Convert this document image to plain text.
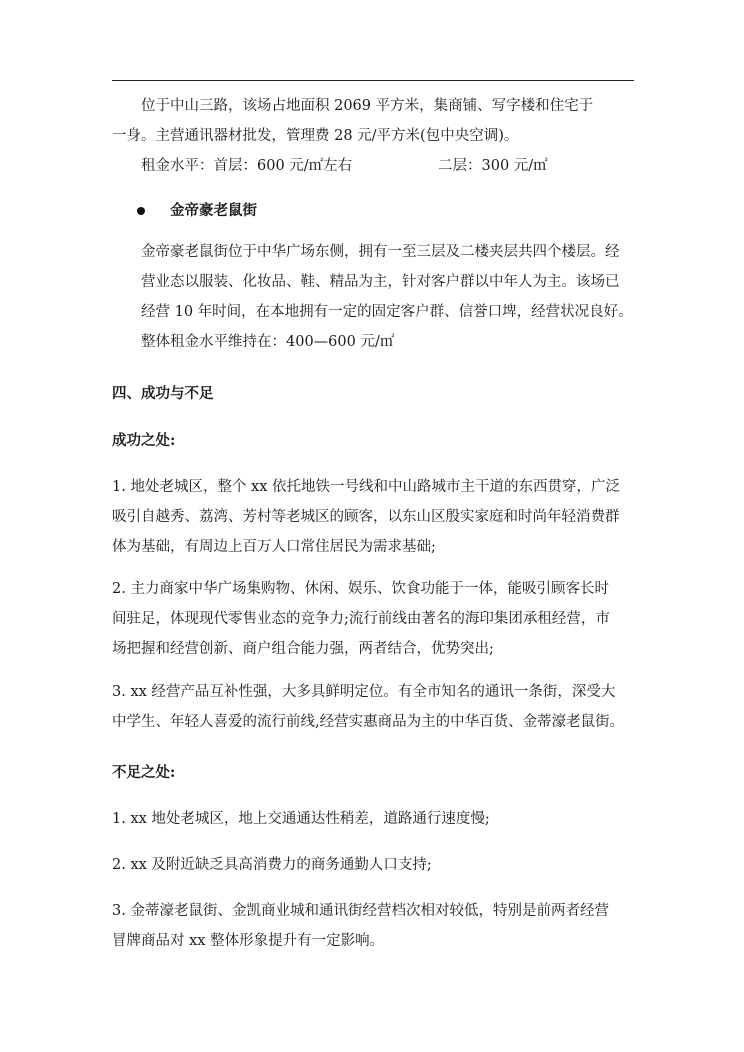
位于中山三路，该场占地面积 2069 平方米，集商铺、写字楼和住宅于
一身。主营通讯器材批发，管理费 28 元/平方米(包中央空调)。
租金水平：首层：600 元/㎡左右	二层：300 元/㎡
金帝豪老鼠街
金帝豪老鼠街位于中华广场东侧，拥有一至三层及二楼夹层共四个楼层。经
营业态以服装、化妆品、鞋、精品为主，针对客户群以中年人为主。该场已
经营 10 年时间，在本地拥有一定的固定客户群、信誉口埤，经营状况良好。
整体租金水平维持在：400—600 元/㎡
四、成功与不足
成功之处:
1. 地处老城区，整个 xx 依托地铁一号线和中山路城市主干道的东西贯穿，广泛
吸引自越秀、荔湾、芳村等老城区的顾客，以东山区殷实家庭和时尚年轻消费群
体为基础，有周边上百万人口常住居民为需求基础;
2. 主力商家中华广场集购物、休闲、娱乐、饮食功能于一体，能吸引顾客长时
间驻足，体现现代零售业态的竞争力;流行前线由著名的海印集团承租经营，市
场把握和经营创新、商户组合能力强，两者结合，优势突出;
3. xx 经营产品互补性强，大多具鲜明定位。有全市知名的通讯一条街，深受大
中学生、年轻人喜爱的流行前线,经营实惠商品为主的中华百货、金蒂濠老鼠街。
不足之处:
1. xx 地处老城区，地上交通通达性稍差，道路通行速度慢;
2. xx 及附近缺乏具高消费力的商务通勤人口支持;
3. 金蒂濠老鼠街、金凯商业城和通讯街经营档次相对较低，特别是前两者经营
冒牌商品对 xx 整体形象提升有一定影响。
